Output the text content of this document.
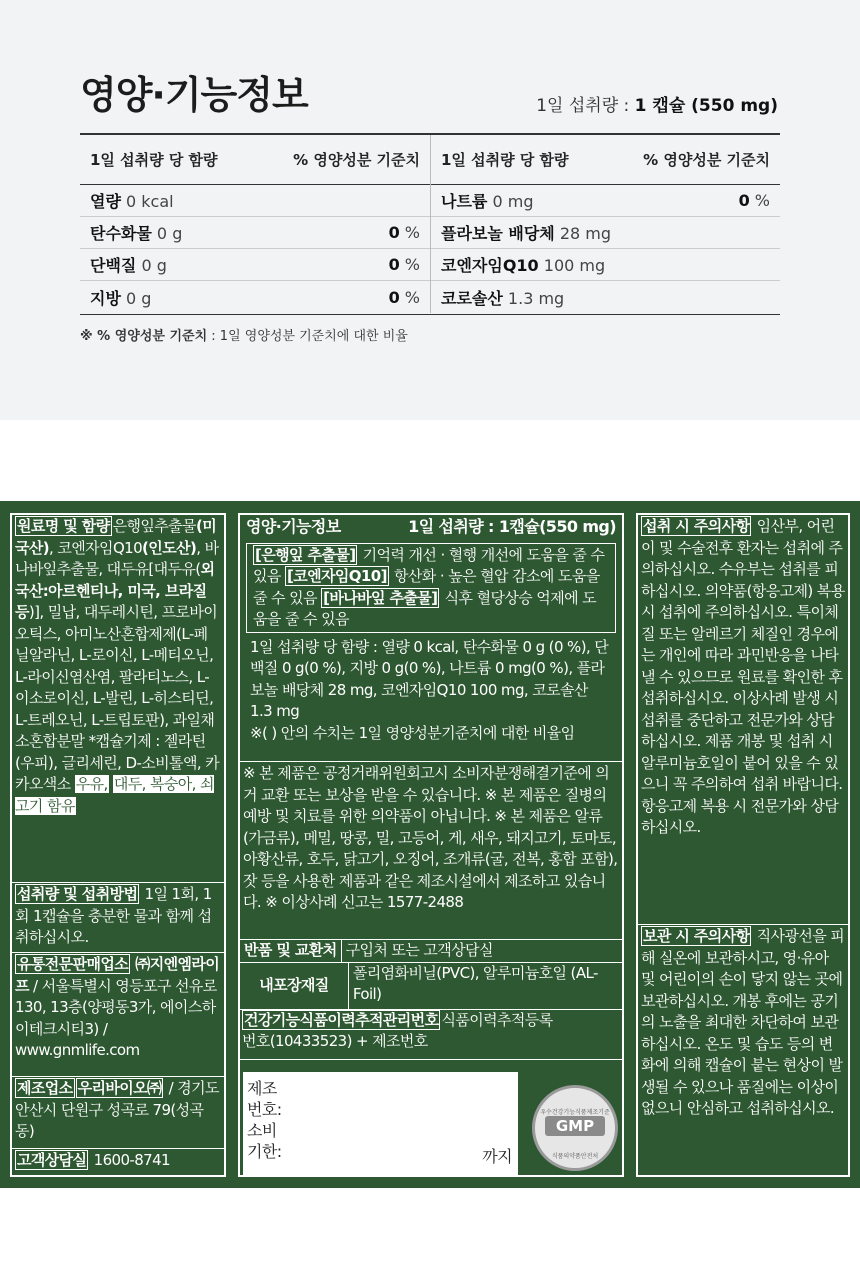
영양·기능정보	1일 섭취량 : 1 캡슐 (550 mg)
1일 섭취량 당 함량	% 영양성분 기준치
열량 0 kcal
탄수화물 0 g	0 %
단백질 0 g	0 %
지방 0 g	0 %
1일 섭취량 당 함량	% 영양성분 기준치
나트륨 0 mg	0 %
플라보놀 배당체 28 mg
코엔자임Q10 100 mg
코로솔산 1.3 mg
※ % 영양성분 기준치 : 1일 영양성분 기준치에 대한 비율
원료명 및 함량 은행잎추출물(미국산), 코엔자임Q10(인도산), 바나바잎추출물, 대두유[대두유(외국산:아르헨티나, 미국, 브라질 등)], 밀납, 대두레시틴, 프로바이오틱스, 아미노산혼합제제(L-페닐알라닌, L-로이신, L-메티오닌, L-라이신염산염, 팔라티노스, L-이소로이신, L-발린, L-히스티딘, L-트레오닌, L-트립토판), 과일채소혼합분말 *캡슐기제 : 젤라틴(우피), 글리세린, D-소비톨액, 카카오색소 우유, 대두, 복숭아, 쇠고기 함유
섭취량 및 섭취방법 1일 1회, 1회 1캡슐을 충분한 물과 함께 섭취하십시오.
유통전문판매업소 ㈜지엔엠라이프 / 서울특별시 영등포구 선유로 130, 13층(양평동3가, 에이스하이테크시티3) / www.gnmlife.com
제조업소 우리바이오㈜ / 경기도 안산시 단원구 성곡로 79(성곡동)
고객상담실 1600-8741
영양·기능정보	1일 섭취량 : 1캡슐(550 mg)
[은행잎 추출물] 기억력 개선 · 혈행 개선에 도움을 줄 수 있음 [코엔자임Q10] 항산화 · 높은 혈압 감소에 도움을 줄 수 있음 [바나바잎 추출물] 식후 혈당상승 억제에 도움을 줄 수 있음
1일 섭취량 당 함량 : 열량 0 kcal, 탄수화물 0 g (0 %), 단백질 0 g(0 %), 지방 0 g(0 %), 나트륨 0 mg(0 %), 플라보놀 배당체 28 mg, 코엔자임Q10 100 mg, 코로솔산 1.3 mg
※( ) 안의 수치는 1일 영양성분기준치에 대한 비율임
※ 본 제품은 공정거래위원회고시 소비자분쟁해결기준에 의거 교환 또는 보상을 받을 수 있습니다. ※ 본 제품은 질병의 예방 및 치료를 위한 의약품이 아닙니다. ※ 본 제품은 알류(가금류), 메밀, 땅콩, 밀, 고등어, 게, 새우, 돼지고기, 토마토, 아황산류, 호두, 닭고기, 오징어, 조개류(굴, 전복, 홍합 포함), 잣 등을 사용한 제품과 같은 제조시설에서 제조하고 있습니다. ※ 이상사례 신고는 1577-2488
반품 및 교환처 구입처 또는 고객상담실
내포장재질
폴리염화비닐(PVC), 알루미늄호일 (AL-Foil)
건강기능식품이력추적관리번호 식품이력추적등록
번호(10433523) + 제조번호
제조
번호:
소비
기한:	까지
우수건강기능식품제조기준
GMP
식품의약품안전처
섭취 시 주의사항 임산부, 어린이 및 수술전후 환자는 섭취에 주의하십시오. 수유부는 섭취를 피하십시오. 의약품(항응고제) 복용 시 섭취에 주의하십시오. 특이체질 또는 알레르기 체질인 경우에는 개인에 따라 과민반응을 나타낼 수 있으므로 원료를 확인한 후 섭취하십시오. 이상사례 발생 시 섭취를 중단하고 전문가와 상담하십시오. 제품 개봉 및 섭취 시 알루미늄호일이 붙어 있을 수 있으니 꼭 주의하여 섭취 바랍니다. 항응고제 복용 시 전문가와 상담하십시오.
보관 시 주의사항 직사광선을 피해 실온에 보관하시고, 영·유아 및 어린이의 손이 닿지 않는 곳에 보관하십시오. 개봉 후에는 공기의 노출을 최대한 차단하여 보관하십시오. 온도 및 습도 등의 변화에 의해 캡슐이 붙는 현상이 발생될 수 있으나 품질에는 이상이 없으니 안심하고 섭취하십시오.
